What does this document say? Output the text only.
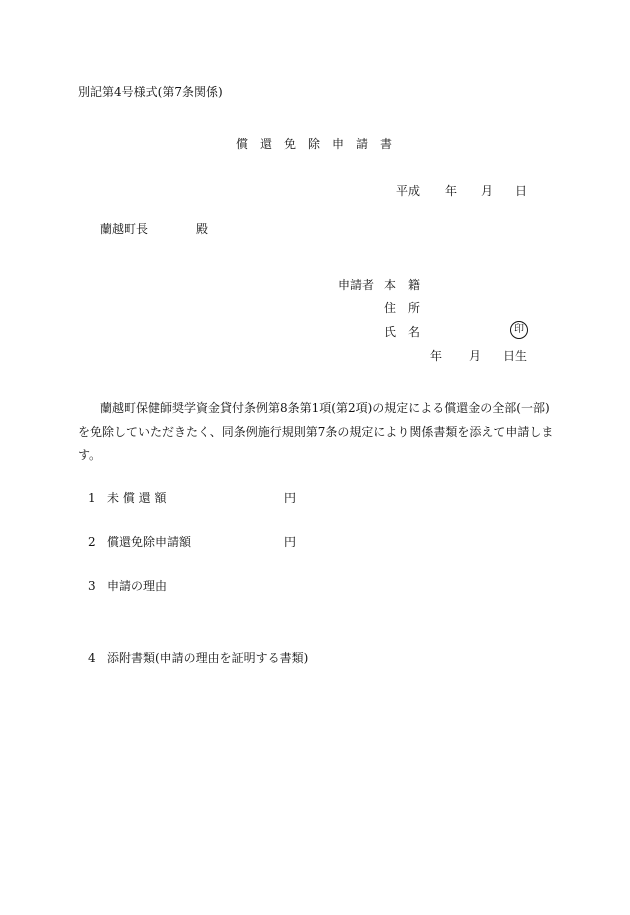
別記第4号様式(第7条関係)
償 還 免 除 申 請 書
平成 年 月 日
蘭越町長	殿
申請者 本 籍
住 所
氏 名	印
年 月 日生
蘭越町保健師奨学資金貸付条例第8条第1項(第2項)の規定による償還金の全部(一部)を免除していただきたく、同条例施行規則第7条の規定により関係書類を添えて申請します。
1 未 償 還 額	円
2 償還免除申請額	円
3 申請の理由
4 添附書類(申請の理由を証明する書類)
